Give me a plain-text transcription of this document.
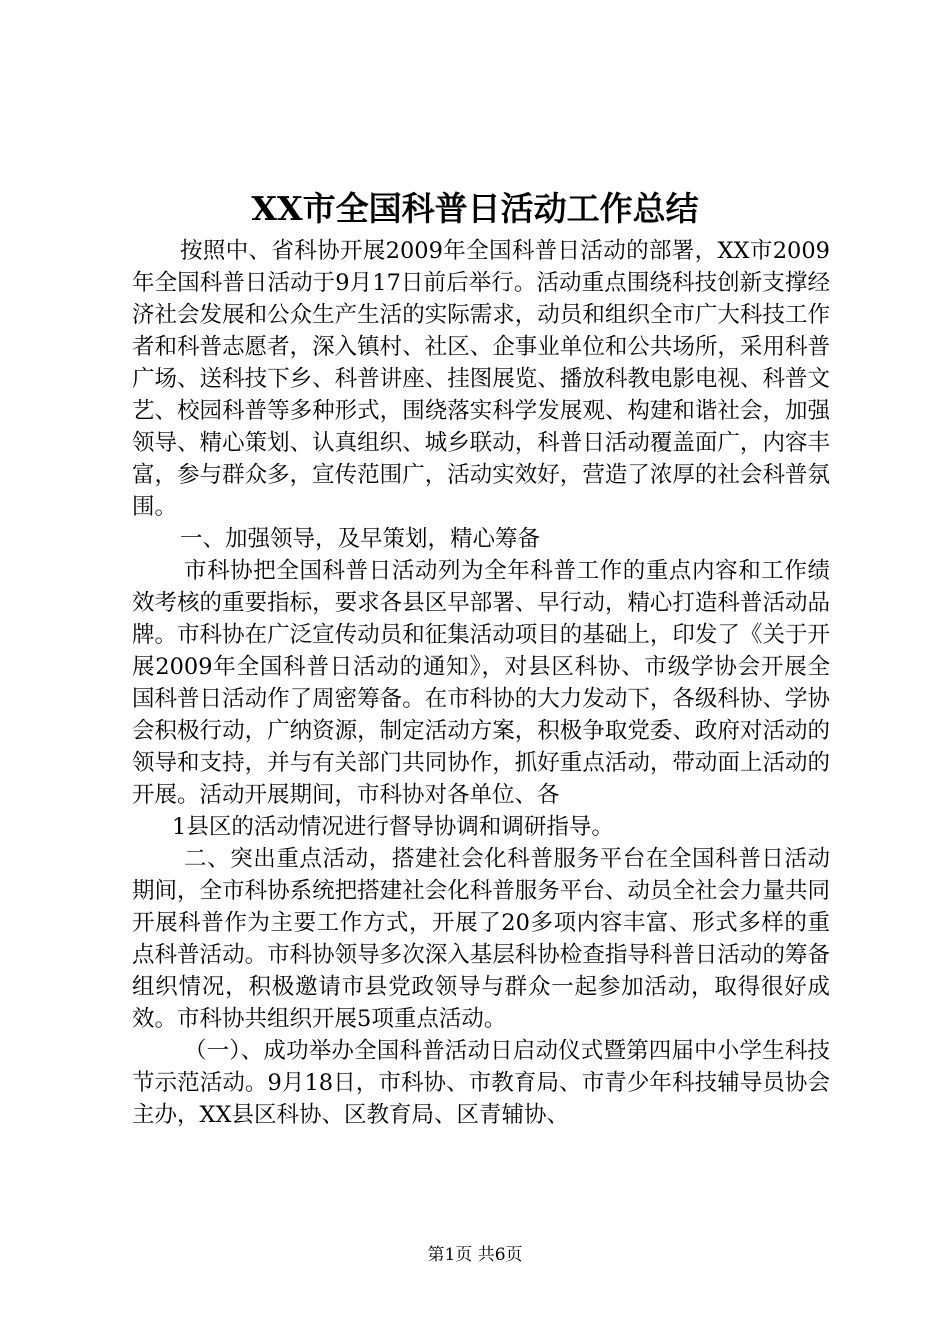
XX市全国科普日活动工作总结

按照中、省科协开展2009年全国科普日活动的部署，XX市2009年全国科普日活动于9月17日前后举行。活动重点围绕科技创新支撑经济社会发展和公众生产生活的实际需求，动员和组织全市广大科技工作者和科普志愿者，深入镇村、社区、企事业单位和公共场所，采用科普广场、送科技下乡、科普讲座、挂图展览、播放科教电影电视、科普文艺、校园科普等多种形式，围绕落实科学发展观、构建和谐社会，加强领导、精心策划、认真组织、城乡联动，科普日活动覆盖面广，内容丰富，参与群众多，宣传范围广，活动实效好，营造了浓厚的社会科普氛围。

一、加强领导，及早策划，精心筹备

市科协把全国科普日活动列为全年科普工作的重点内容和工作绩效考核的重要指标，要求各县区早部署、早行动，精心打造科普活动品牌。市科协在广泛宣传动员和征集活动项目的基础上，印发了《关于开展2009年全国科普日活动的通知》，对县区科协、市级学协会开展全国科普日活动作了周密筹备。在市科协的大力发动下，各级科协、学协会积极行动，广纳资源，制定活动方案，积极争取党委、政府对活动的领导和支持，并与有关部门共同协作，抓好重点活动，带动面上活动的开展。活动开展期间，市科协对各单位、各

1县区的活动情况进行督导协调和调研指导。

二、突出重点活动，搭建社会化科普服务平台在全国科普日活动期间，全市科协系统把搭建社会化科普服务平台、动员全社会力量共同开展科普作为主要工作方式，开展了20多项内容丰富、形式多样的重点科普活动。市科协领导多次深入基层科协检查指导科普日活动的筹备组织情况，积极邀请市县党政领导与群众一起参加活动，取得很好成效。市科协共组织开展5项重点活动。

（一）、成功举办全国科普活动日启动仪式暨第四届中小学生科技节示范活动。9月18日，市科协、市教育局、市青少年科技辅导员协会主办，XX县区科协、区教育局、区青辅协、

第1页 共6页
